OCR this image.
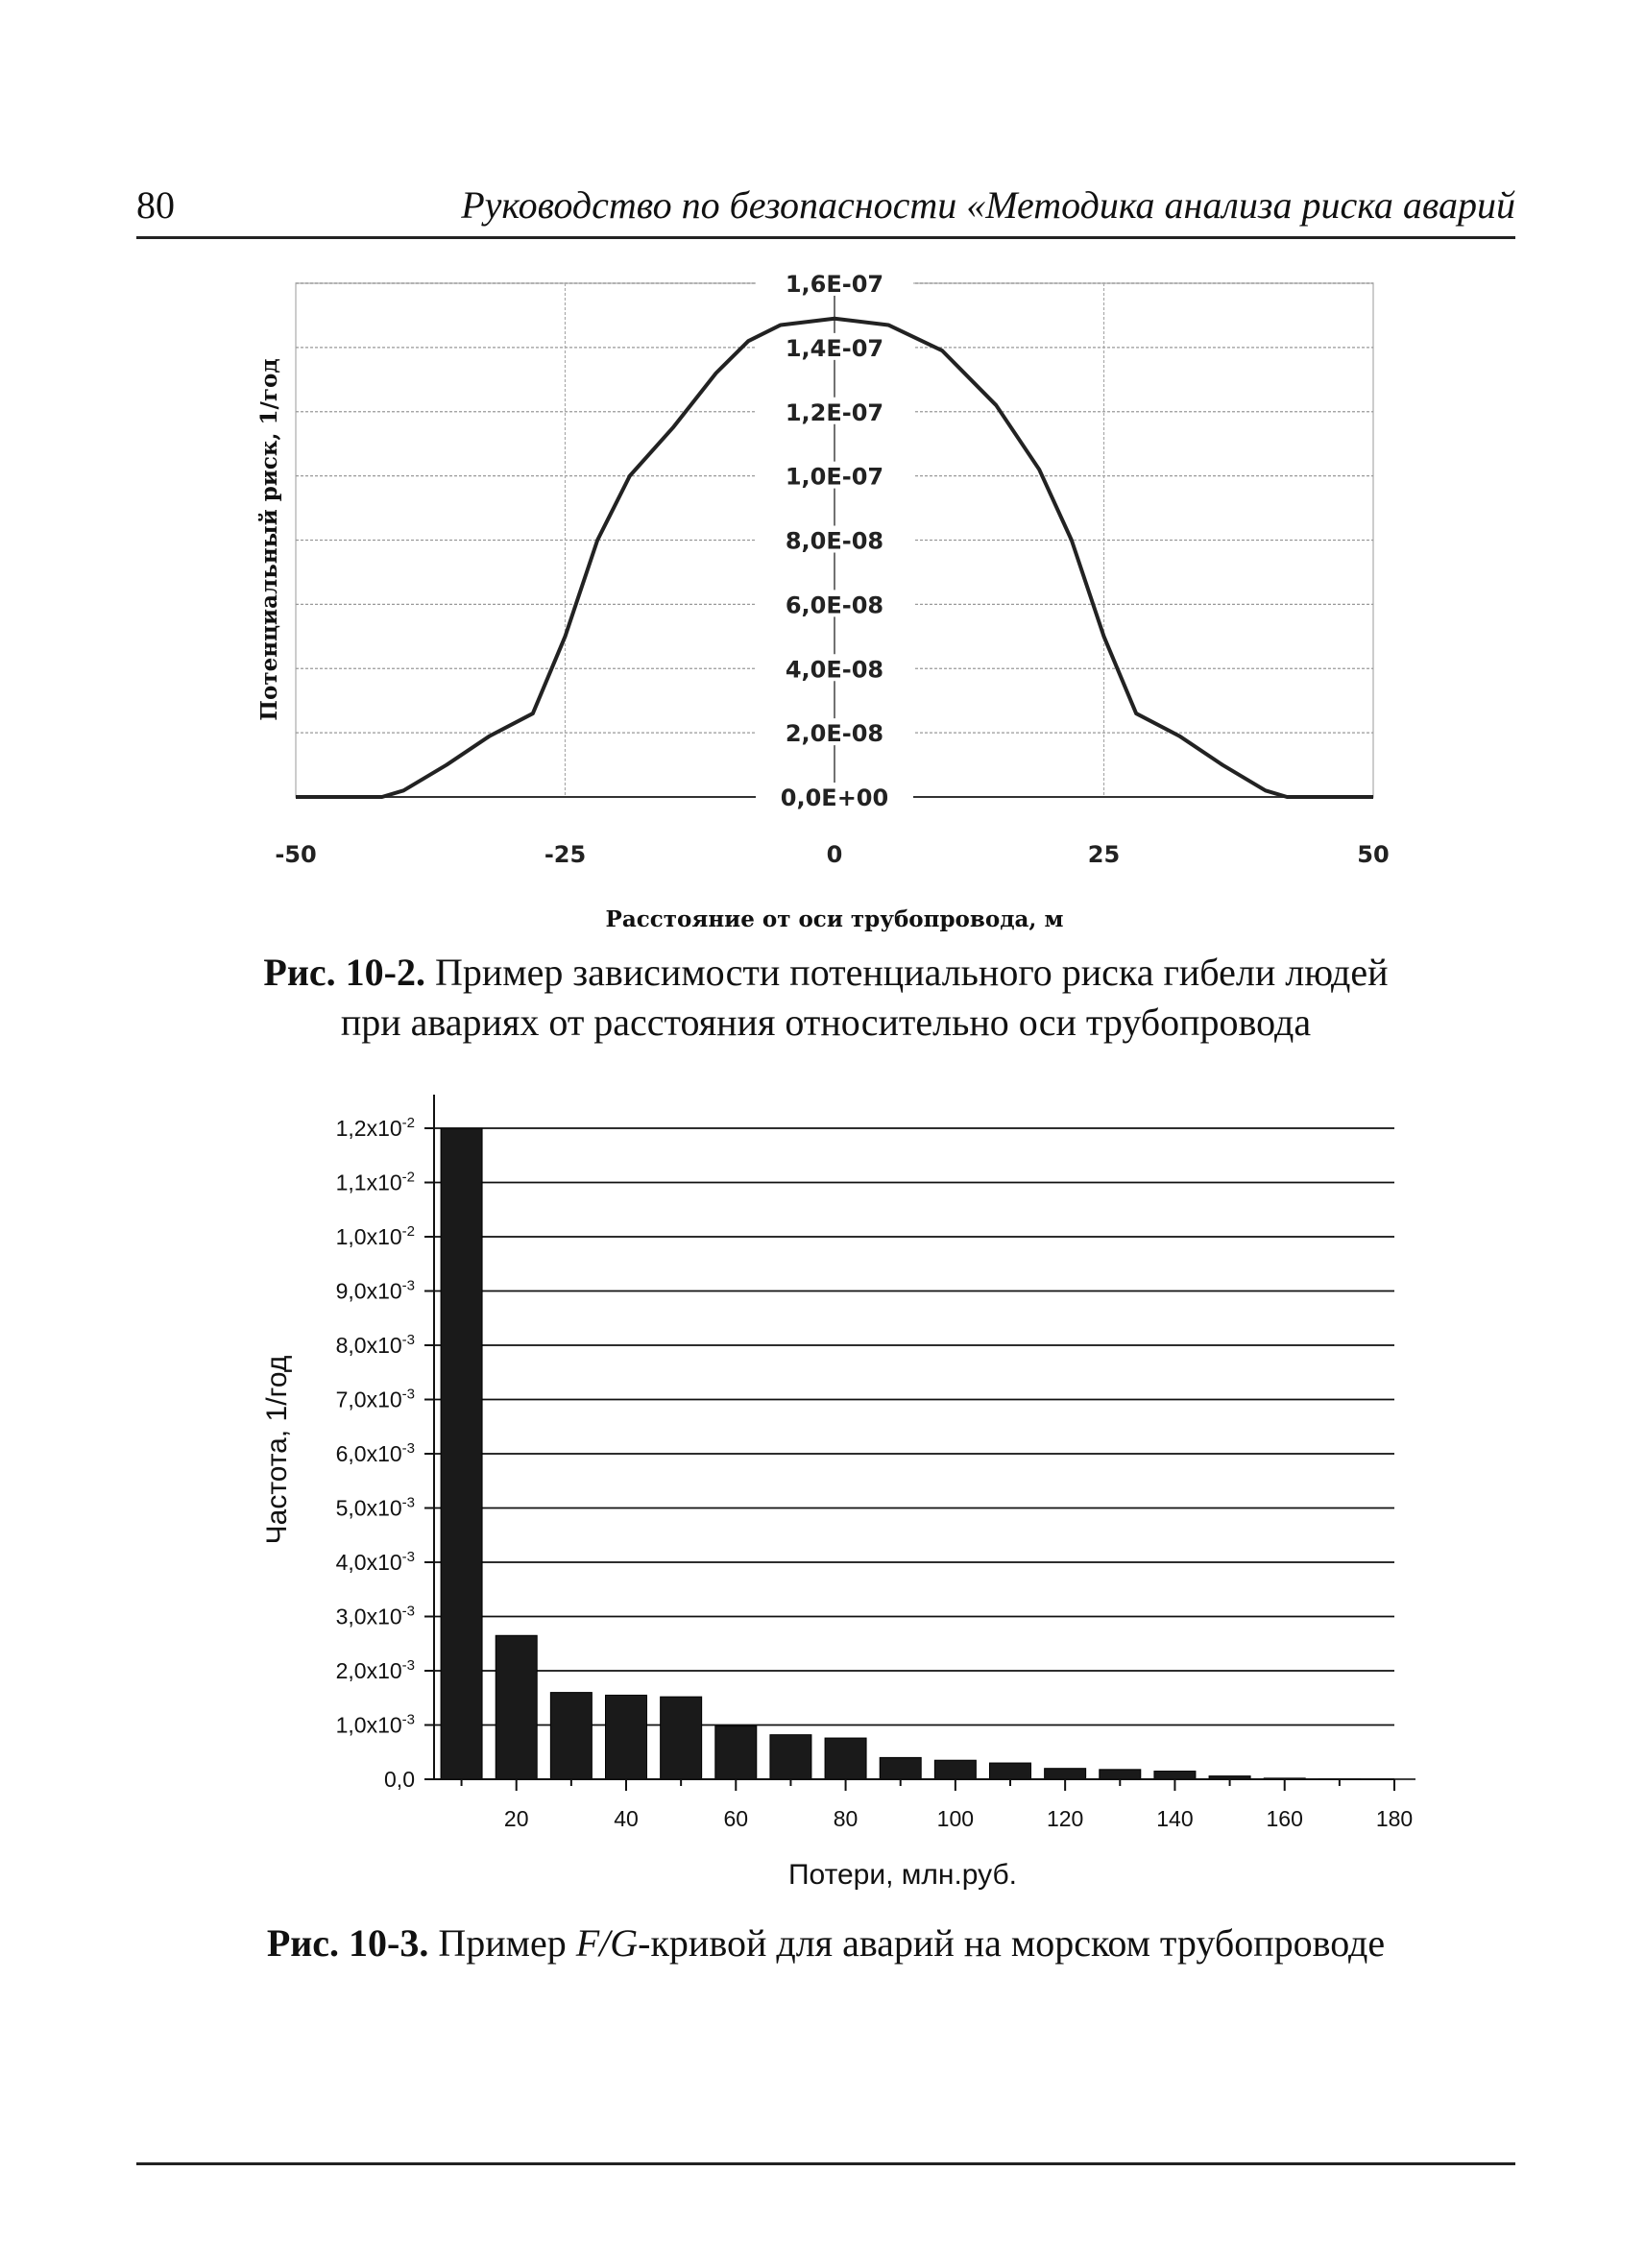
80	Руководство по безопасности «Методика анализа риска аварий
0,0E+00
2,0E-08
4,0E-08
6,0E-08
8,0E-08
1,0E-07
1,2E-07
1,4E-07
1,6E-07
-50	-25	0	25	50
Расстояние от оси трубопровода, м
Потенциальный риск, 1/год
Рис. 10-2. Пример зависимости потенциального риска гибели людей
при авариях от расстояния относительно оси трубопровода
0,0
$1,0x10^{-3}$
$2,0x10^{-3}$
$3,0x10^{-3}$
$4,0x10^{-3}$
$5,0x10^{-3}$
$6,0x10^{-3}$
$7,0x10^{-3}$
$8,0x10^{-3}$
$9,0x10^{-3}$
$1,0x10^{-2}$
$1,1x10^{-2}$
$1,2x10^{-2}$
20	40	60	80	100	120	140	160	180
Потери, млн.руб.
Частота, 1/год
Рис. 10-3. Пример F/G-кривой для аварий на морском трубопроводе
